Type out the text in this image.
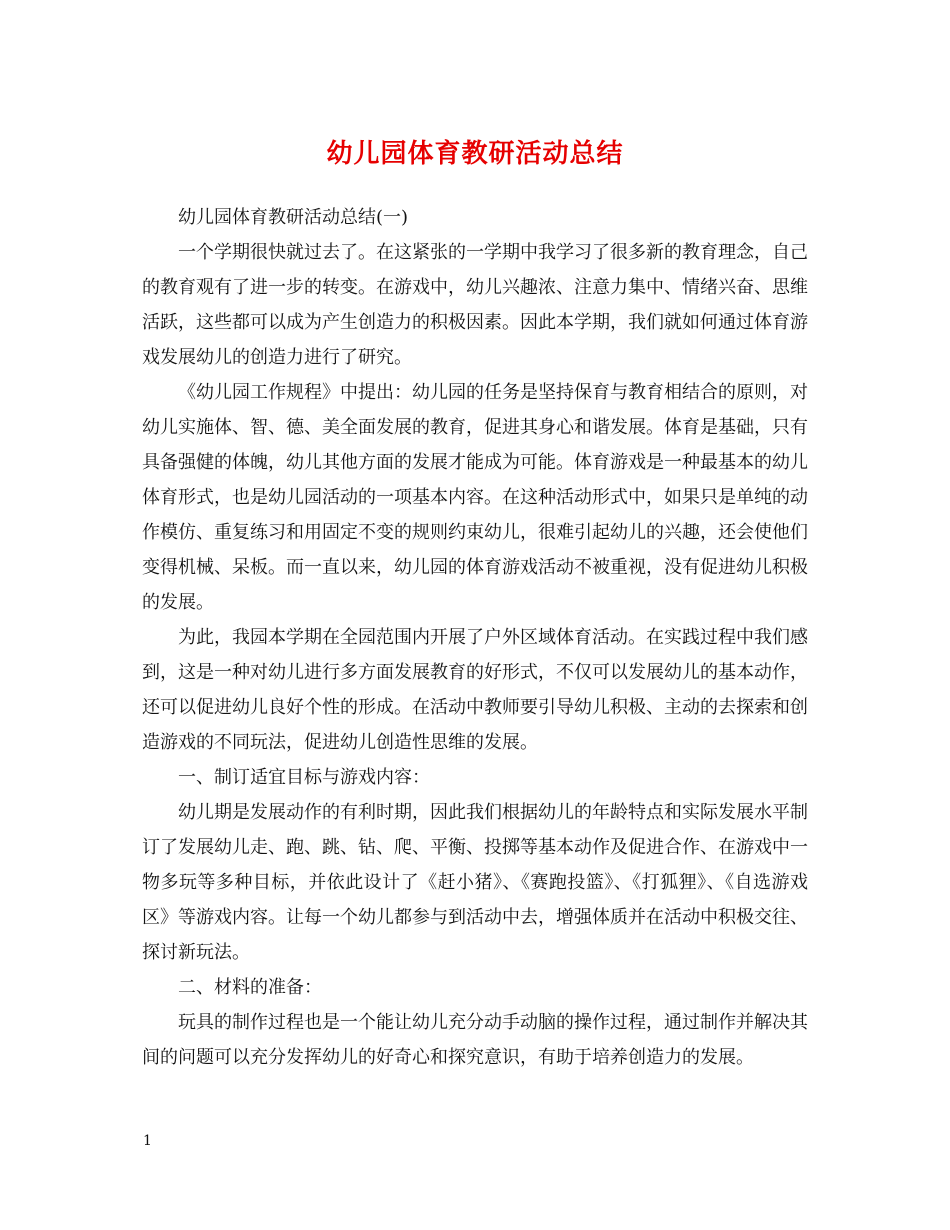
幼儿园体育教研活动总结

幼儿园体育教研活动总结(一)

一个学期很快就过去了。在这紧张的一学期中我学习了很多新的教育理念，自己的教育观有了进一步的转变。在游戏中，幼儿兴趣浓、注意力集中、情绪兴奋、思维活跃，这些都可以成为产生创造力的积极因素。因此本学期，我们就如何通过体育游戏发展幼儿的创造力进行了研究。

《幼儿园工作规程》中提出：幼儿园的任务是坚持保育与教育相结合的原则，对幼儿实施体、智、德、美全面发展的教育，促进其身心和谐发展。体育是基础，只有具备强健的体魄，幼儿其他方面的发展才能成为可能。体育游戏是一种最基本的幼儿体育形式，也是幼儿园活动的一项基本内容。在这种活动形式中，如果只是单纯的动作模仿、重复练习和用固定不变的规则约束幼儿，很难引起幼儿的兴趣，还会使他们变得机械、呆板。而一直以来，幼儿园的体育游戏活动不被重视，没有促进幼儿积极的发展。

为此，我园本学期在全园范围内开展了户外区域体育活动。在实践过程中我们感到，这是一种对幼儿进行多方面发展教育的好形式，不仅可以发展幼儿的基本动作，还可以促进幼儿良好个性的形成。在活动中教师要引导幼儿积极、主动的去探索和创造游戏的不同玩法，促进幼儿创造性思维的发展。

一、制订适宜目标与游戏内容：

幼儿期是发展动作的有利时期，因此我们根据幼儿的年龄特点和实际发展水平制订了发展幼儿走、跑、跳、钻、爬、平衡、投掷等基本动作及促进合作、在游戏中一物多玩等多种目标，并依此设计了《赶小猪》、《赛跑投篮》、《打狐狸》、《自选游戏区》等游戏内容。让每一个幼儿都参与到活动中去，增强体质并在活动中积极交往、探讨新玩法。

二、材料的准备：

玩具的制作过程也是一个能让幼儿充分动手动脑的操作过程，通过制作并解决其间的问题可以充分发挥幼儿的好奇心和探究意识，有助于培养创造力的发展。

1
